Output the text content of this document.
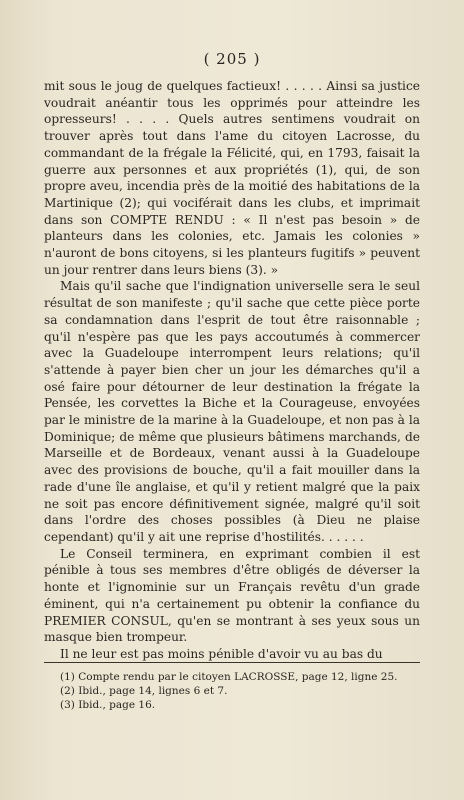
( 205 )

mit sous le joug de quelques factieux! . . . . . Ainsi sa justice voudrait anéantir tous les opprimés pour atteindre les opresseurs! . . . . Quels autres sentimens voudrait on trouver après tout dans l'ame du citoyen Lacrosse, du commandant de la frégale la Félicité, qui, en 1793, faisait la guerre aux personnes et aux propriétés (1), qui, de son propre aveu, incendia près de la moitié des habitations de la Martinique (2); qui vociférait dans les clubs, et imprimait dans son COMPTE RENDU : « Il n'est pas besoin » de planteurs dans les colonies, etc. Jamais les colonies » n'auront de bons citoyens, si les planteurs fugitifs » peuvent un jour rentrer dans leurs biens (3). »

Mais qu'il sache que l'indignation universelle sera le seul résultat de son manifeste ; qu'il sache que cette pièce porte sa condamnation dans l'esprit de tout être raisonnable ; qu'il n'espère pas que les pays accoutumés à commercer avec la Guadeloupe interrompent leurs relations; qu'il s'attende à payer bien cher un jour les démarches qu'il a osé faire pour détourner de leur destination la frégate la Pensée, les corvettes la Biche et la Courageuse, envoyées par le ministre de la marine à la Guadeloupe, et non pas à la Dominique; de même que plusieurs bâtimens marchands, de Marseille et de Bordeaux, venant aussi à la Guadeloupe avec des provisions de bouche, qu'il a fait mouiller dans la rade d'une île anglaise, et qu'il y retient malgré que la paix ne soit pas encore définitivement signée, malgré qu'il soit dans l'ordre des choses possibles (à Dieu ne plaise cependant) qu'il y ait une reprise d'hostilités. . . . . .

Le Conseil terminera, en exprimant combien il est pénible à tous ses membres d'être obligés de déverser la honte et l'ignominie sur un Français revêtu d'un grade éminent, qui n'a certainement pu obtenir la confiance du PREMIER CONSUL, qu'en se montrant à ses yeux sous un masque bien trompeur.

Il ne leur est pas moins pénible d'avoir vu au bas du

(1) Compte rendu par le citoyen LACROSSE, page 12, ligne 25.
(2) Ibid., page 14, lignes 6 et 7.
(3) Ibid., page 16.
